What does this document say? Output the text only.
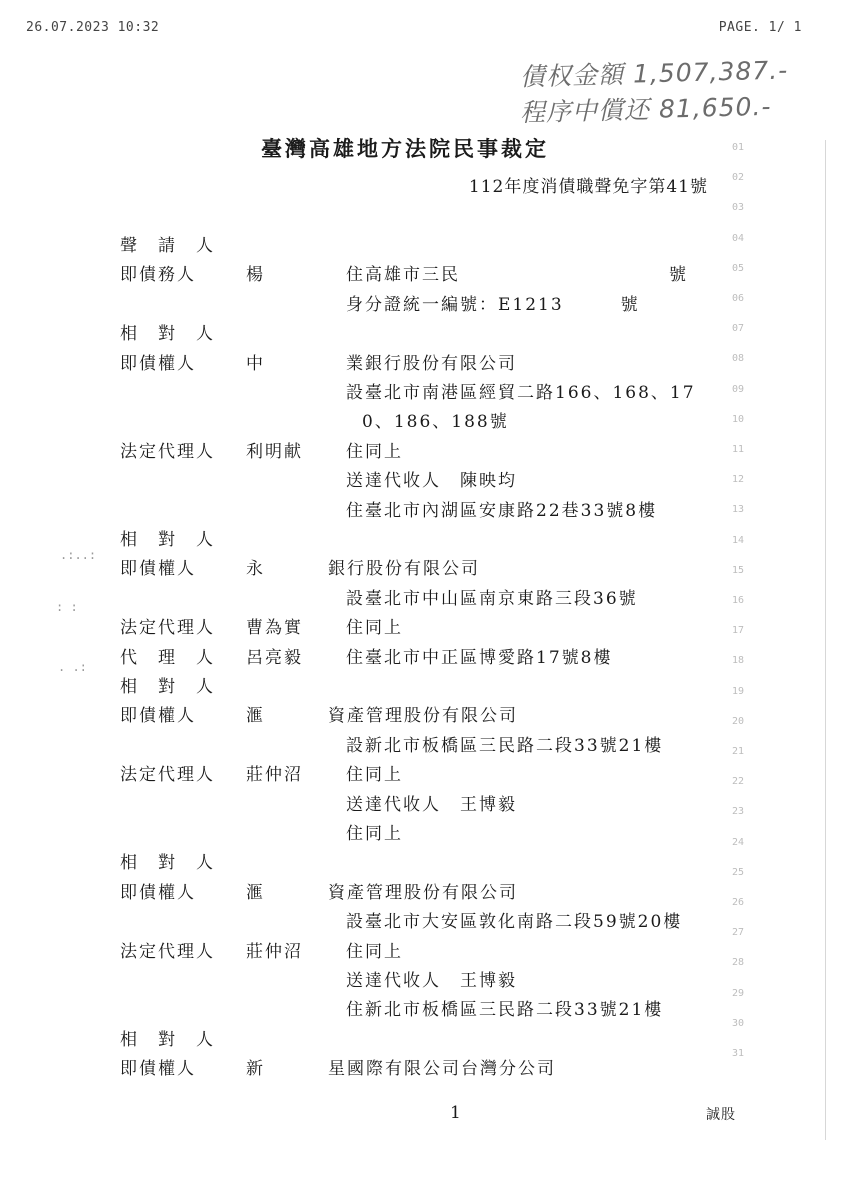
26.07.2023 10:32	PAGE. 1/ 1
債权金額 1,507,387.-
程序中償还 81,650.-
臺灣高雄地方法院民事裁定
112年度消債職聲免字第41號
聲　請　人
即債務人	楊	住高雄市三民　　　　　　　　　　　號
身分證統一編號：E1213　　　號
相　對　人
即債權人	中	業銀行股份有限公司
設臺北市南港區經貿二路166、168、17
0、186、188號
法定代理人 利明献	住同上
送達代收人　陳映均
住臺北市內湖區安康路22巷33號8樓
相　對　人
即債權人	永	銀行股份有限公司
設臺北市中山區南京東路三段36號
法定代理人 曹為實	住同上
代　理　人 呂亮毅	住臺北市中正區博愛路17號8樓
相　對　人
即債權人	滙	資產管理股份有限公司
設新北市板橋區三民路二段33號21樓
法定代理人 莊仲沼	住同上
送達代收人　王博毅
住同上
相　對　人
即債權人	滙	資產管理股份有限公司
設臺北市大安區敦化南路二段59號20樓
法定代理人 莊仲沼	住同上
送達代收人　王博毅
住新北市板橋區三民路二段33號21樓
相　對　人
即債權人	新	星國際有限公司台灣分公司
01
02
03
04
05
06
07
08
09
10
11
12
13
14
15
16
17
18
19
20
21
22
23
24
25
26
27
28
29
30
31
.:..:
: :
. .:
1	誠股
